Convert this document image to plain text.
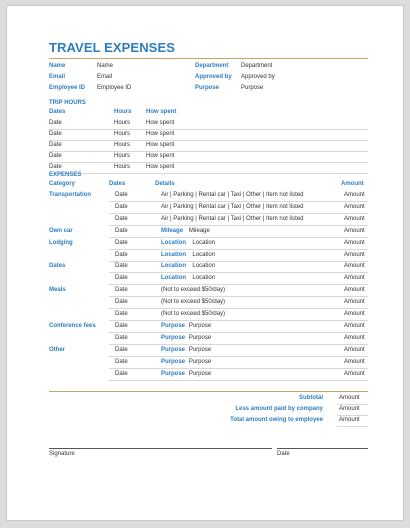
TRAVEL EXPENSES
Name	Name	Department Department
Email	Email	Approved by Approved by
Employee ID Employee ID	Purpose	Purpose
TRIP HOURS
Dates	Hours How spent
Date	Hours	How spent
Date	Hours	How spent
Date	Hours	How spent
Date	Hours	How spent
Date	Hours	How spent
EXPENSES
Category	Dates	Details	Amount
Transportation	Date	Air | Parking | Rental car | Taxi | Other | Item not listed	Amount
Date	Air | Parking | Rental car | Taxi | Other | Item not listed	Amount
Date	Air | Parking | Rental car | Taxi | Other | Item not listed	Amount
Own car	Date	Mileage Mileage	Amount
Lodging	Date	Location Location	Amount
Date	Location Location	Amount
Dates	Date	Location Location	Amount
Date	Location Location	Amount
Meals	Date	(Not to exceed $50/day)	Amount
Date	(Not to exceed $50/day)	Amount
Date	(Not to exceed $50/day)	Amount
Conference fees	Date	Purpose Purpose	Amount
Date	Purpose Purpose	Amount
Other	Date	Purpose Purpose	Amount
Date	Purpose Purpose	Amount
Date	Purpose Purpose	Amount
Subtotal	Amount
Less amount paid by company	Amount
Total amount owing to employee	Amount
Signature	Date
